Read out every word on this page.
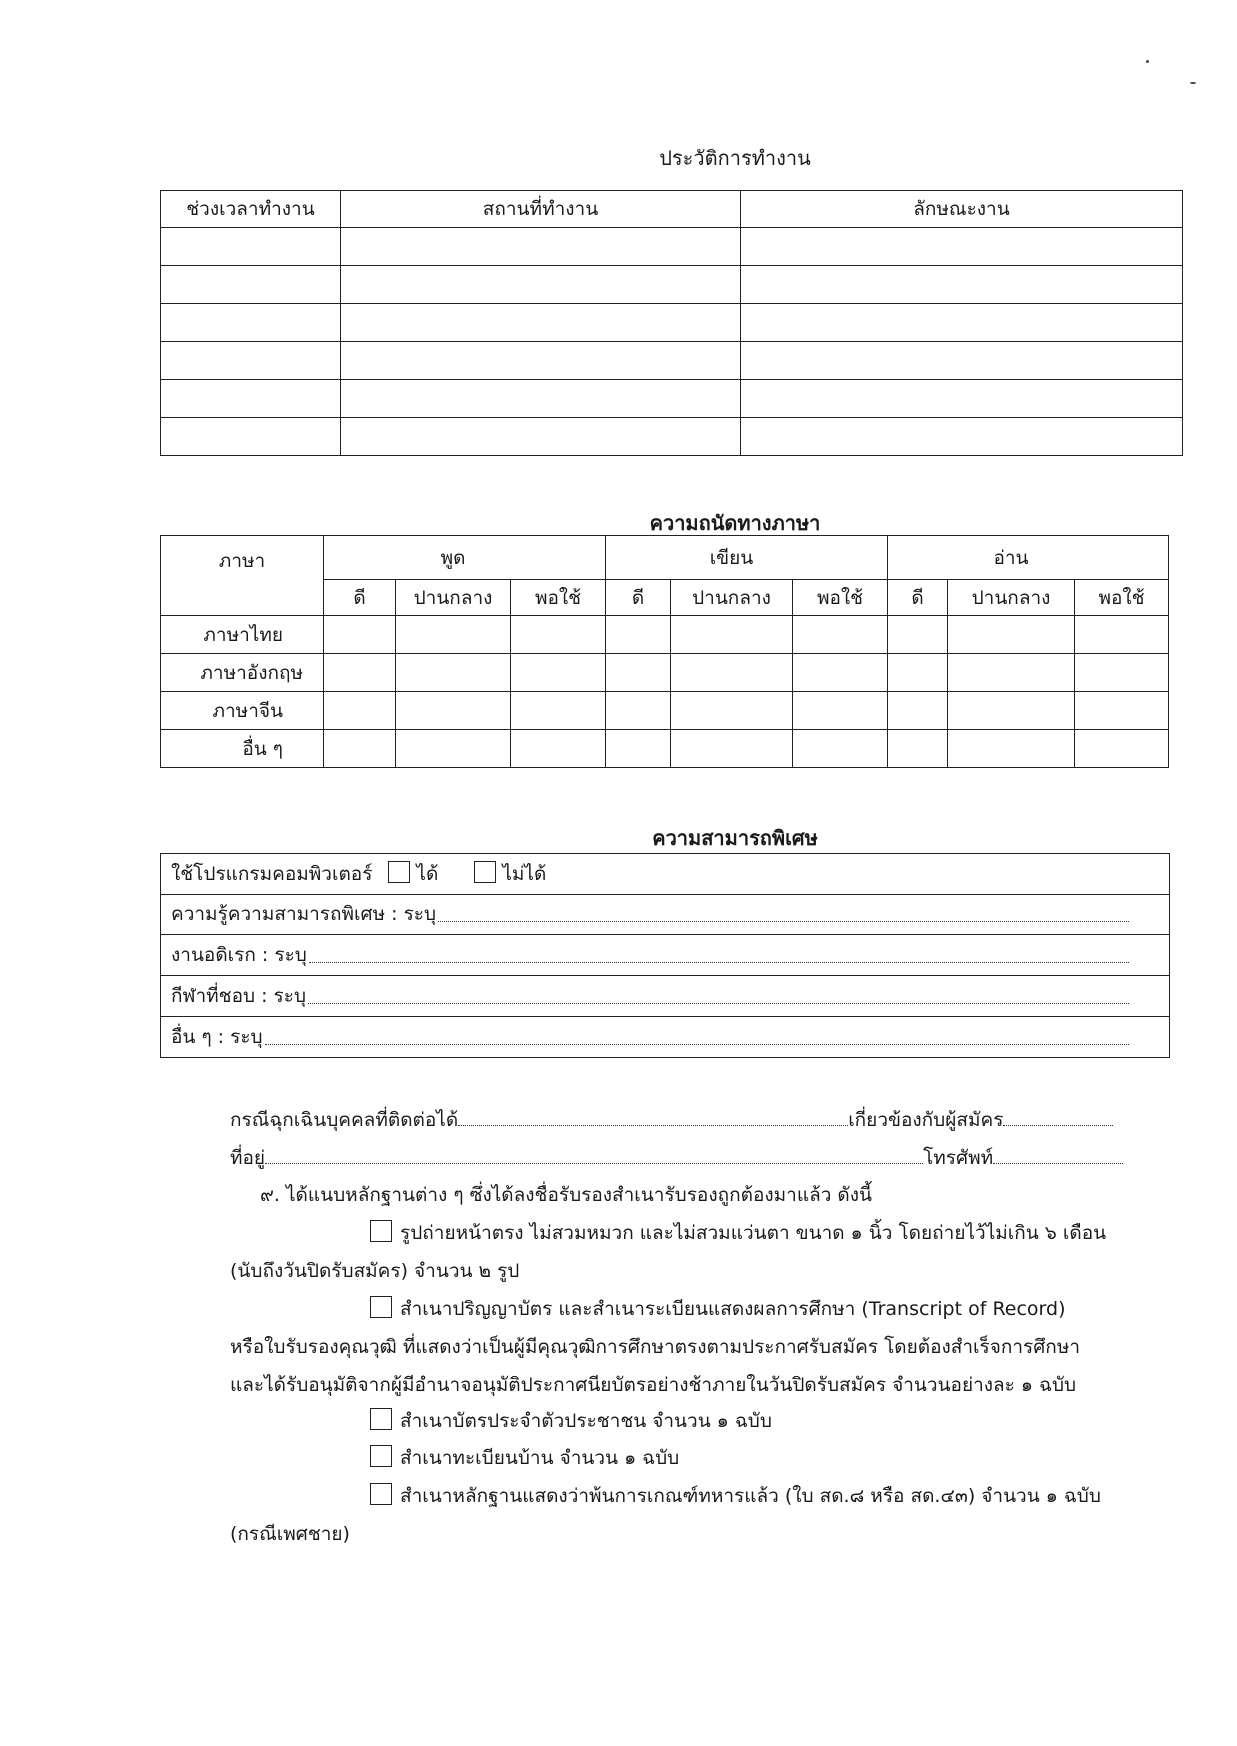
ประวัติการทำงาน
ช่วงเวลาทำงาน	สถานที่ทำงาน	ลักษณะงาน

ความถนัดทางภาษา
ภาษา		พูด			เขียน			อ่าน	
	ดี	ปานกลาง	พอใช้	ดี	ปานกลาง	พอใช้	ดี	ปานกลาง	พอใช้
ภาษาไทย									
ภาษาอังกฤษ									
ภาษาจีน									
อื่น ๆ									
ความสามารถพิเศษ
ใช้โปรแกรมคอมพิวเตอร์	ได้	ไม่ได้
ความรู้ความสามารถพิเศษ : ระบุ
งานอดิเรก : ระบุ
กีฬาที่ชอบ : ระบุ
อื่น ๆ : ระบุ
กรณีฉุกเฉินบุคคลที่ติดต่อได้	เกี่ยวข้องกับผู้สมัคร
ที่อยู่	โทรศัพท์
๙. ได้แนบหลักฐานต่าง ๆ ซึ่งได้ลงชื่อรับรองสำเนารับรองถูกต้องมาแล้ว ดังนี้
รูปถ่ายหน้าตรง ไม่สวมหมวก และไม่สวมแว่นตา ขนาด ๑ นิ้ว โดยถ่ายไว้ไม่เกิน ๖ เดือน
(นับถึงวันปิดรับสมัคร) จำนวน ๒ รูป
สำเนาปริญญาบัตร และสำเนาระเบียนแสดงผลการศึกษา (Transcript of Record)
หรือใบรับรองคุณวุฒิ ที่แสดงว่าเป็นผู้มีคุณวุฒิการศึกษาตรงตามประกาศรับสมัคร โดยต้องสำเร็จการศึกษา
และได้รับอนุมัติจากผู้มีอำนาจอนุมัติประกาศนียบัตรอย่างช้าภายในวันปิดรับสมัคร จำนวนอย่างละ ๑ ฉบับ
สำเนาบัตรประจำตัวประชาชน จำนวน ๑ ฉบับ
สำเนาทะเบียนบ้าน จำนวน ๑ ฉบับ
สำเนาหลักฐานแสดงว่าพ้นการเกณฑ์ทหารแล้ว (ใบ สด.๘ หรือ สด.๔๓) จำนวน ๑ ฉบับ
(กรณีเพศชาย)
